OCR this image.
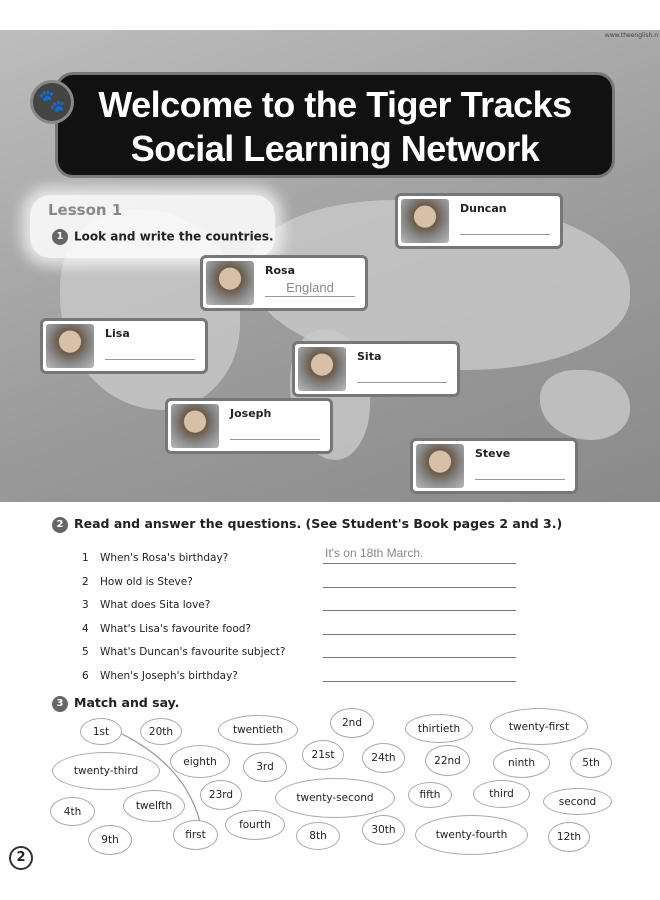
www.theenglish.n
Welcome to the Tiger Tracks
Social Learning Network
🐾
Lesson 1
1 Look and write the countries.
Duncan
Rosa
England
Lisa
Sita
Joseph
Steve
2 Read and answer the questions. (See Student's Book pages 2 and 3.)
1 When's Rosa's birthday?	It's on 18th March.
2 How old is Steve?
3 What does Sita love?
4 What's Lisa's favourite food?
5 What's Duncan's favourite subject?
6 When's Joseph's birthday?
3 Match and say.
1st	20th	twentieth
2nd	thirtieth	twenty-first
twenty-third
eighth	3rd
21st	24th	22nd	ninth	5th
23rd	twenty-second	fifth	third
second
4th	twelfth
fourth
8th	30th	twenty-fourth	12th
9th	first
2
